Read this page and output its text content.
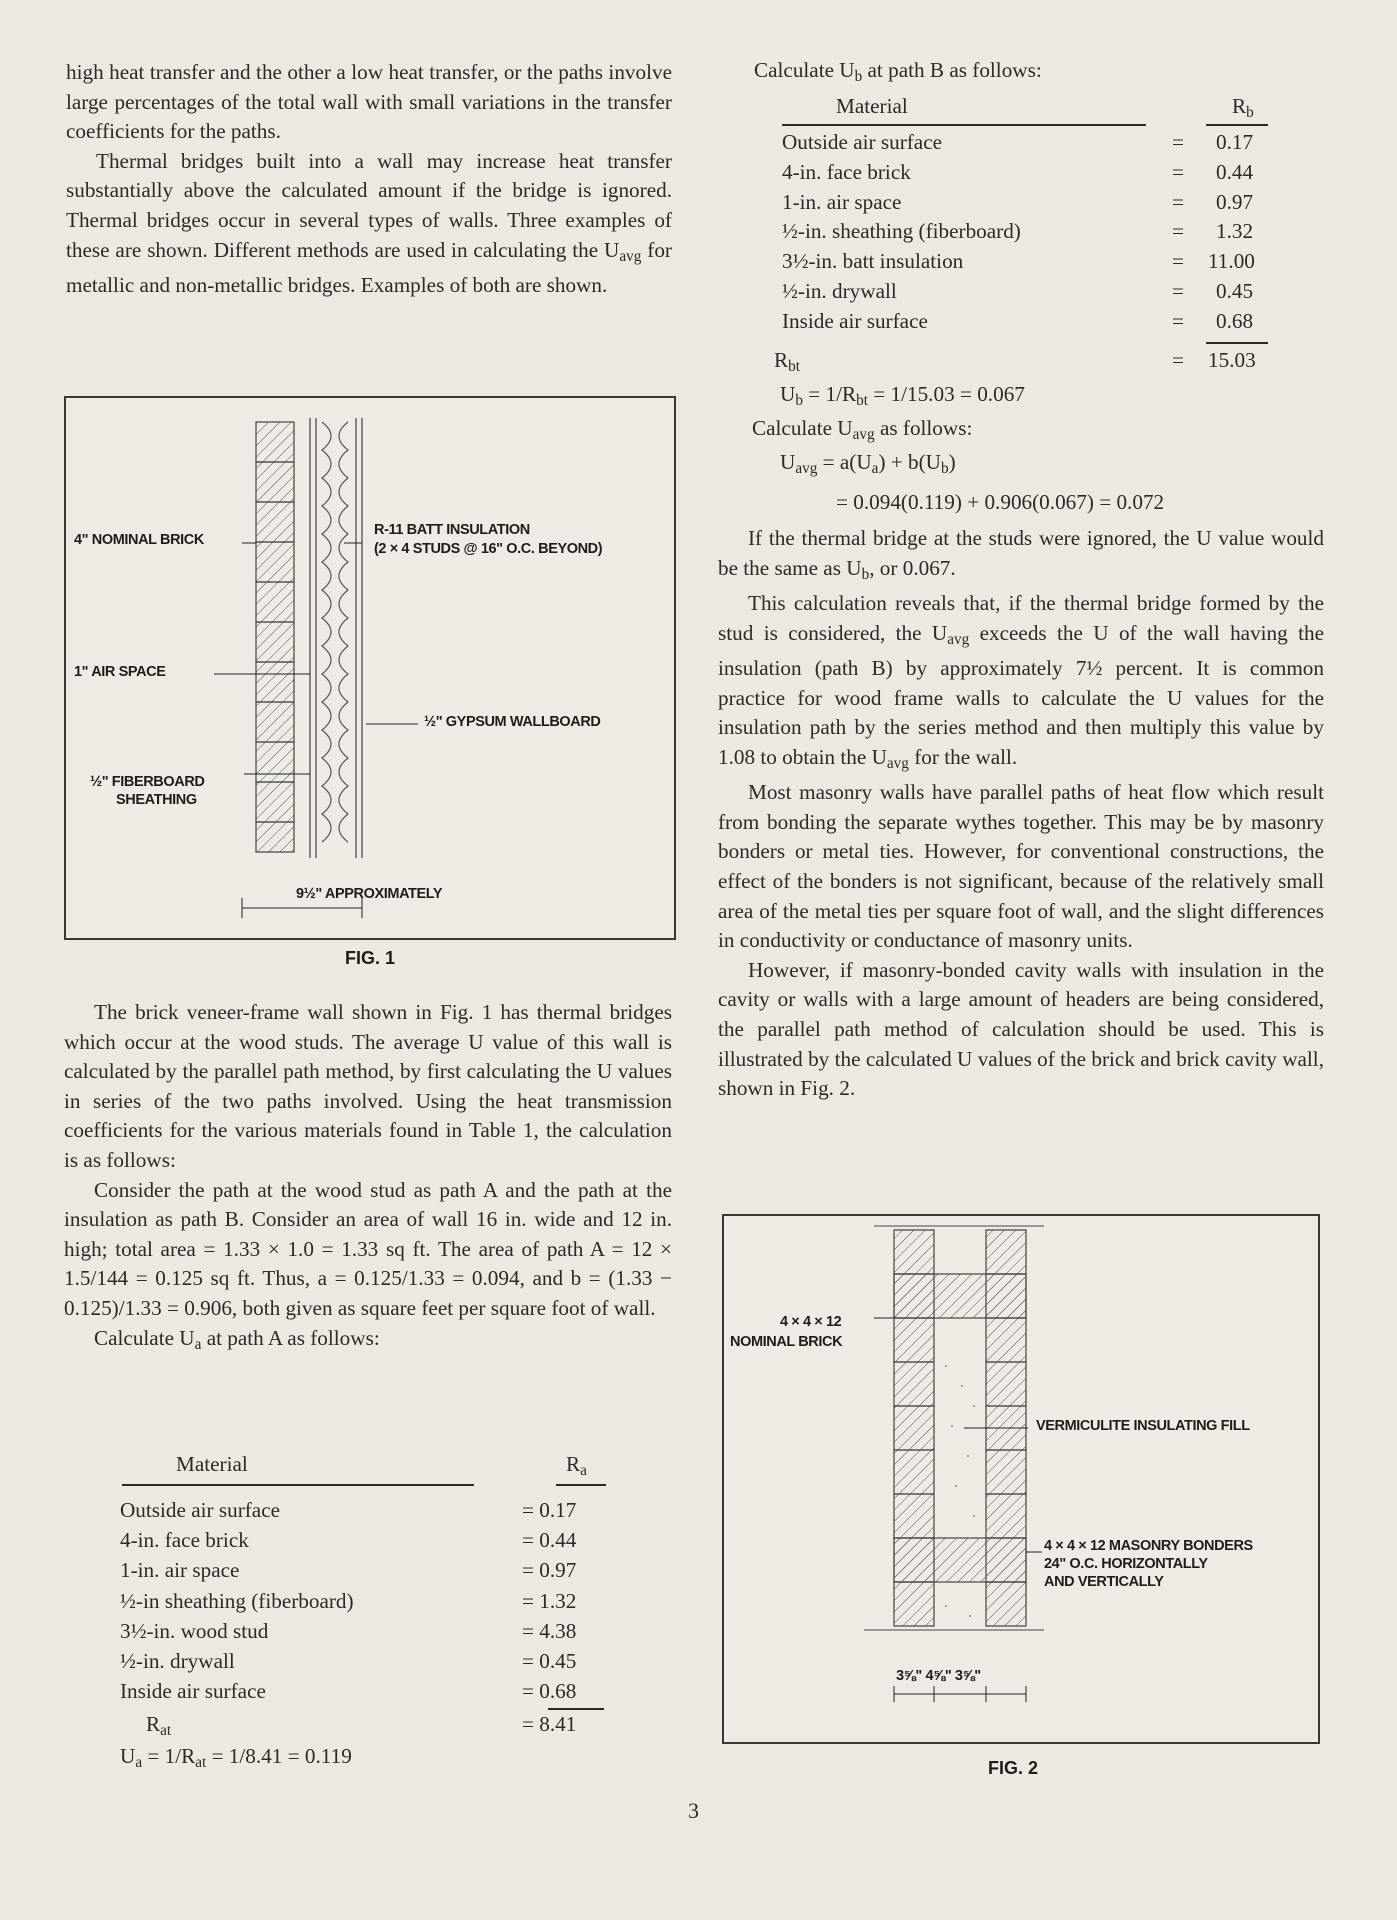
high heat transfer and the other a low heat transfer, or the paths involve large percentages of the total wall with small variations in the transfer coefficients for the paths.

Thermal bridges built into a wall may increase heat transfer substantially above the calculated amount if the bridge is ignored. Thermal bridges occur in several types of walls. Three examples of these are shown. Different methods are used in calculating the $U_{avg}$ for metallic and non-metallic bridges. Examples of both are shown.

4" NOMINAL BRICK
R-11 BATT INSULATION
(2 × 4 STUDS @ 16" O.C. BEYOND)
1" AIR SPACE
½" GYPSUM WALLBOARD
½" FIBERBOARD
SHEATHING
9½" APPROXIMATELY
FIG. 1

The brick veneer-frame wall shown in Fig. 1 has thermal bridges which occur at the wood studs. The average U value of this wall is calculated by the parallel path method, by first calculating the U values in series of the two paths involved. Using the heat transmission coefficients for the various materials found in Table 1, the calculation is as follows:

Consider the path at the wood stud as path A and the path at the insulation as path B. Consider an area of wall 16 in. wide and 12 in. high; total area = 1.33 × 1.0 = 1.33 sq ft. The area of path A = 12 × 1.5/144 = 0.125 sq ft. Thus, a = 0.125/1.33 = 0.094, and b = (1.33 − 0.125)/1.33 = 0.906, both given as square feet per square foot of wall.

Calculate $U_a$ at path A as follows:

Material	$R_a$
Outside air surface	= 0.17
4-in. face brick	= 0.44
1-in. air space	= 0.97
½-in sheathing (fiberboard)	= 1.32
3½-in. wood stud	= 4.38
½-in. drywall	= 0.45
Inside air surface	= 0.68
$R_{at}$	= 8.41
$U_a = 1/R_{at} = 1/8.41 = 0.119$
Calculate $U_b$ at path B as follows:
Material	$R_b$
Outside air surface	= 0.17
4-in. face brick	= 0.44
1-in. air space	= 0.97
½-in. sheathing (fiberboard)	= 1.32
3½-in. batt insulation	= 11.00
½-in. drywall	= 0.45
Inside air surface	= 0.68
$R_{bt}$	= 15.03
$U_b = 1/R_{bt} = 1/15.03 = 0.067$
Calculate $U_{avg}$ as follows:
$U_{avg} = a(U_a) + b(U_b)$
= 0.094(0.119) + 0.906(0.067) = 0.072

If the thermal bridge at the studs were ignored, the U value would be the same as $U_b$, or 0.067.

This calculation reveals that, if the thermal bridge formed by the stud is considered, the $U_{avg}$ exceeds the U of the wall having the insulation (path B) by approximately 7½ percent. It is common practice for wood frame walls to calculate the U values for the insulation path by the series method and then multiply this value by 1.08 to obtain the $U_{avg}$ for the wall.

Most masonry walls have parallel paths of heat flow which result from bonding the separate wythes together. This may be by masonry bonders or metal ties. However, for conventional constructions, the effect of the bonders is not significant, because of the relatively small area of the metal ties per square foot of wall, and the slight differences in conductivity or conductance of masonry units.

However, if masonry-bonded cavity walls with insulation in the cavity or walls with a large amount of headers are being considered, the parallel path method of calculation should be used. This is illustrated by the calculated U values of the brick and brick cavity wall, shown in Fig. 2.

4 × 4 × 12
NOMINAL BRICK
VERMICULITE INSULATING FILL
4 × 4 × 12 MASONRY BONDERS
24" O.C. HORIZONTALLY
AND VERTICALLY
3⅝" 4⅝" 3⅝"
FIG. 2
3
